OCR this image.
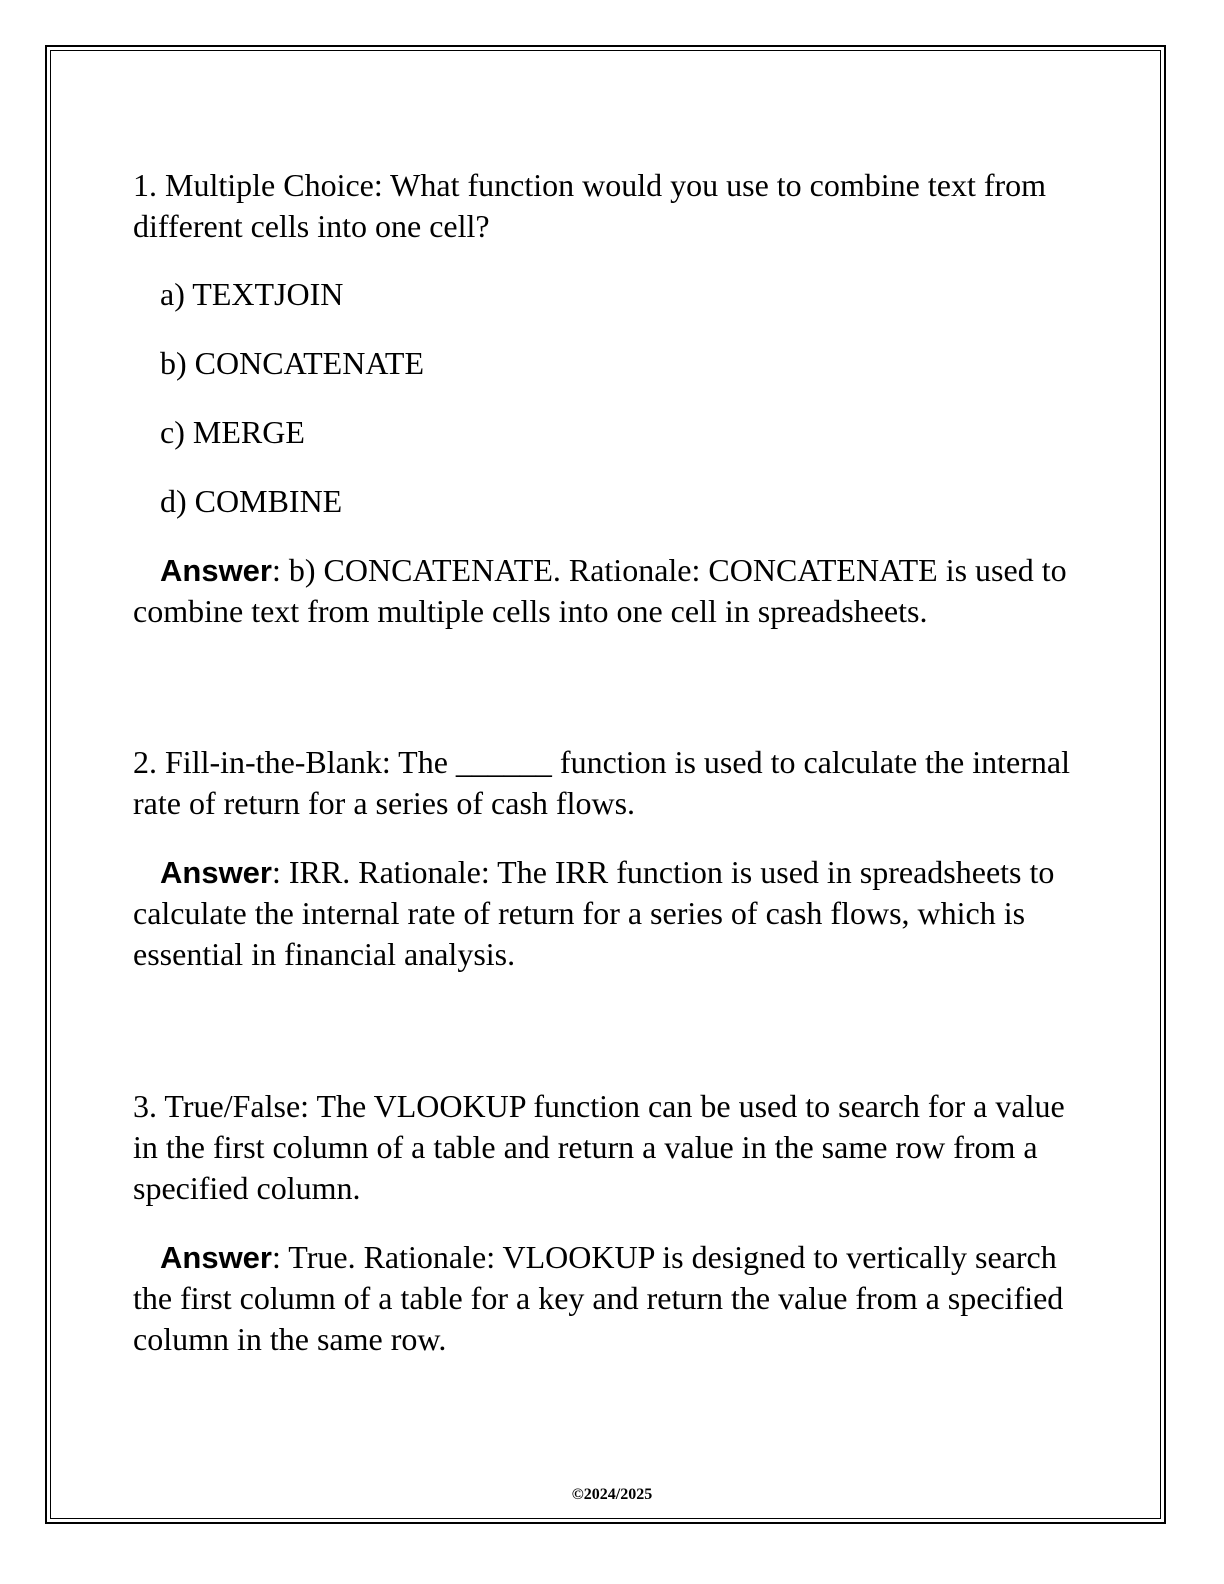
1. Multiple Choice: What function would you use to combine text from different cells into one cell?

a) TEXTJOIN

b) CONCATENATE

c) MERGE

d) COMBINE

Answer: b) CONCATENATE. Rationale: CONCATENATE is used to combine text from multiple cells into one cell in spreadsheets.

2. Fill-in-the-Blank: The ______ function is used to calculate the internal rate of return for a series of cash flows.

Answer: IRR. Rationale: The IRR function is used in spreadsheets to calculate the internal rate of return for a series of cash flows, which is essential in financial analysis.

3. True/False: The VLOOKUP function can be used to search for a value in the first column of a table and return a value in the same row from a specified column.

Answer: True. Rationale: VLOOKUP is designed to vertically search the first column of a table for a key and return the value from a specified column in the same row.

©2024/2025
